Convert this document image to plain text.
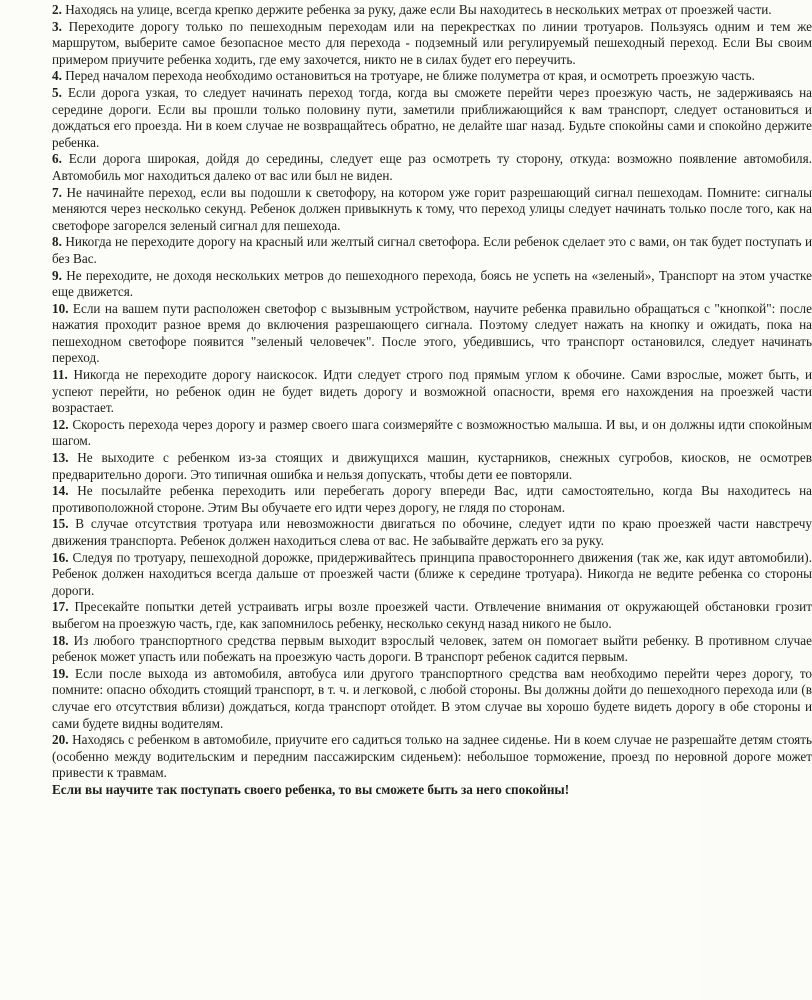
2. Находясь на улице, всегда крепко держите ребенка за руку, даже если Вы находитесь в нескольких метрах от проезжей части.

3. Переходите дорогу только по пешеходным переходам или на перекрестках по линии тротуаров. Пользуясь одним и тем же маршрутом, выберите самое безопасное место для перехода - подземный или регулируемый пешеходный переход. Если Вы своим примером приучите ребенка ходить, где ему захочется, никто не в силах будет его переучить.

4. Перед началом перехода необходимо остановиться на тротуаре, не ближе полуметра от края, и осмотреть проезжую часть.

5. Если дорога узкая, то следует начинать переход тогда, когда вы сможете перейти через проезжую часть, не задерживаясь на середине дороги. Если вы прошли только половину пути, заметили приближающийся к вам транспорт, следует остановиться и дождаться его проезда. Ни в коем случае не возвращайтесь обратно, не делайте шаг назад. Будьте спокойны сами и спокойно держите ребенка.

6. Если дорога широкая, дойдя до середины, следует еще раз осмотреть ту сторону, откуда: возможно появление автомобиля. Автомобиль мог находиться далеко от вас или был не виден.

7. Не начинайте переход, если вы подошли к светофору, на котором уже горит разрешающий сигнал пешеходам. Помните: сигналы меняются через несколько секунд. Ребенок должен привыкнуть к тому, что переход улицы следует начинать только после того, как на светофоре загорелся зеленый сигнал для пешехода.

8. Никогда не переходите дорогу на красный или желтый сигнал светофора. Если ребенок сделает это с вами, он так будет поступать и без Вас.

9. Не переходите, не доходя нескольких метров до пешеходного перехода, боясь не успеть на «зеленый», Транспорт на этом участке еще движется.

10. Если на вашем пути расположен светофор с вызывным устройством, научите ребенка правильно обращаться с "кнопкой": после нажатия проходит разное время до включения разрешающего сигнала. Поэтому следует нажать на кнопку и ожидать, пока на пешеходном светофоре появится "зеленый человечек". После этого, убедившись, что транспорт остановился, следует начинать переход.

11. Никогда не переходите дорогу наискосок. Идти следует строго под прямым углом к обочине. Сами взрослые, может быть, и успеют перейти, но ребенок один не будет видеть дорогу и возможной опасности, время его нахождения на проезжей части возрастает.

12. Скорость перехода через дорогу и размер своего шага соизмеряйте с возможностью малыша. И вы, и он должны идти спокойным шагом.

13. Не выходите с ребенком из-за стоящих и движущихся машин, кустарников, снежных сугробов, киосков, не осмотрев предварительно дороги. Это типичная ошибка и нельзя допускать, чтобы дети ее повторяли.

14. Не посылайте ребенка переходить или перебегать дорогу впереди Вас, идти самостоятельно, когда Вы находитесь на противоположной стороне. Этим Вы обучаете его идти через дорогу, не глядя по сторонам.

15. В случае отсутствия тротуара или невозможности двигаться по обочине, следует идти по краю проезжей части навстречу движения транспорта. Ребенок должен находиться слева от вас. Не забывайте держать его за руку.

16. Следуя по тротуару, пешеходной дорожке, придерживайтесь принципа правостороннего движения (так же, как идут автомобили). Ребенок должен находиться всегда дальше от проезжей части (ближе к середине тротуара). Никогда не ведите ребенка со стороны дороги.

17. Пресекайте попытки детей устраивать игры возле проезжей части. Отвлечение внимания от окружающей обстановки грозит выбегом на проезжую часть, где, как запомнилось ребенку, несколько секунд назад никого не было.

18. Из любого транспортного средства первым выходит взрослый человек, затем он помогает выйти ребенку. В противном случае ребенок может упасть или побежать на проезжую часть дороги. В транспорт ребенок садится первым.

19. Если после выхода из автомобиля, автобуса или другого транспортного средства вам необходимо перейти через дорогу, то помните: опасно обходить стоящий транспорт, в т. ч. и легковой, с любой стороны. Вы должны дойти до пешеходного перехода или (в случае его отсутствия вблизи) дождаться, когда транспорт отойдет. В этом случае вы хорошо будете видеть дорогу в обе стороны и сами будете видны водителям.

20. Находясь с ребенком в автомобиле, приучите его садиться только на заднее сиденье. Ни в коем случае не разрешайте детям стоять (особенно между водительским и передним пассажирским сиденьем): небольшое торможение, проезд по неровной дороге может привести к травмам.

Если вы научите так поступать своего ребенка, то вы сможете быть за него спокойны!
